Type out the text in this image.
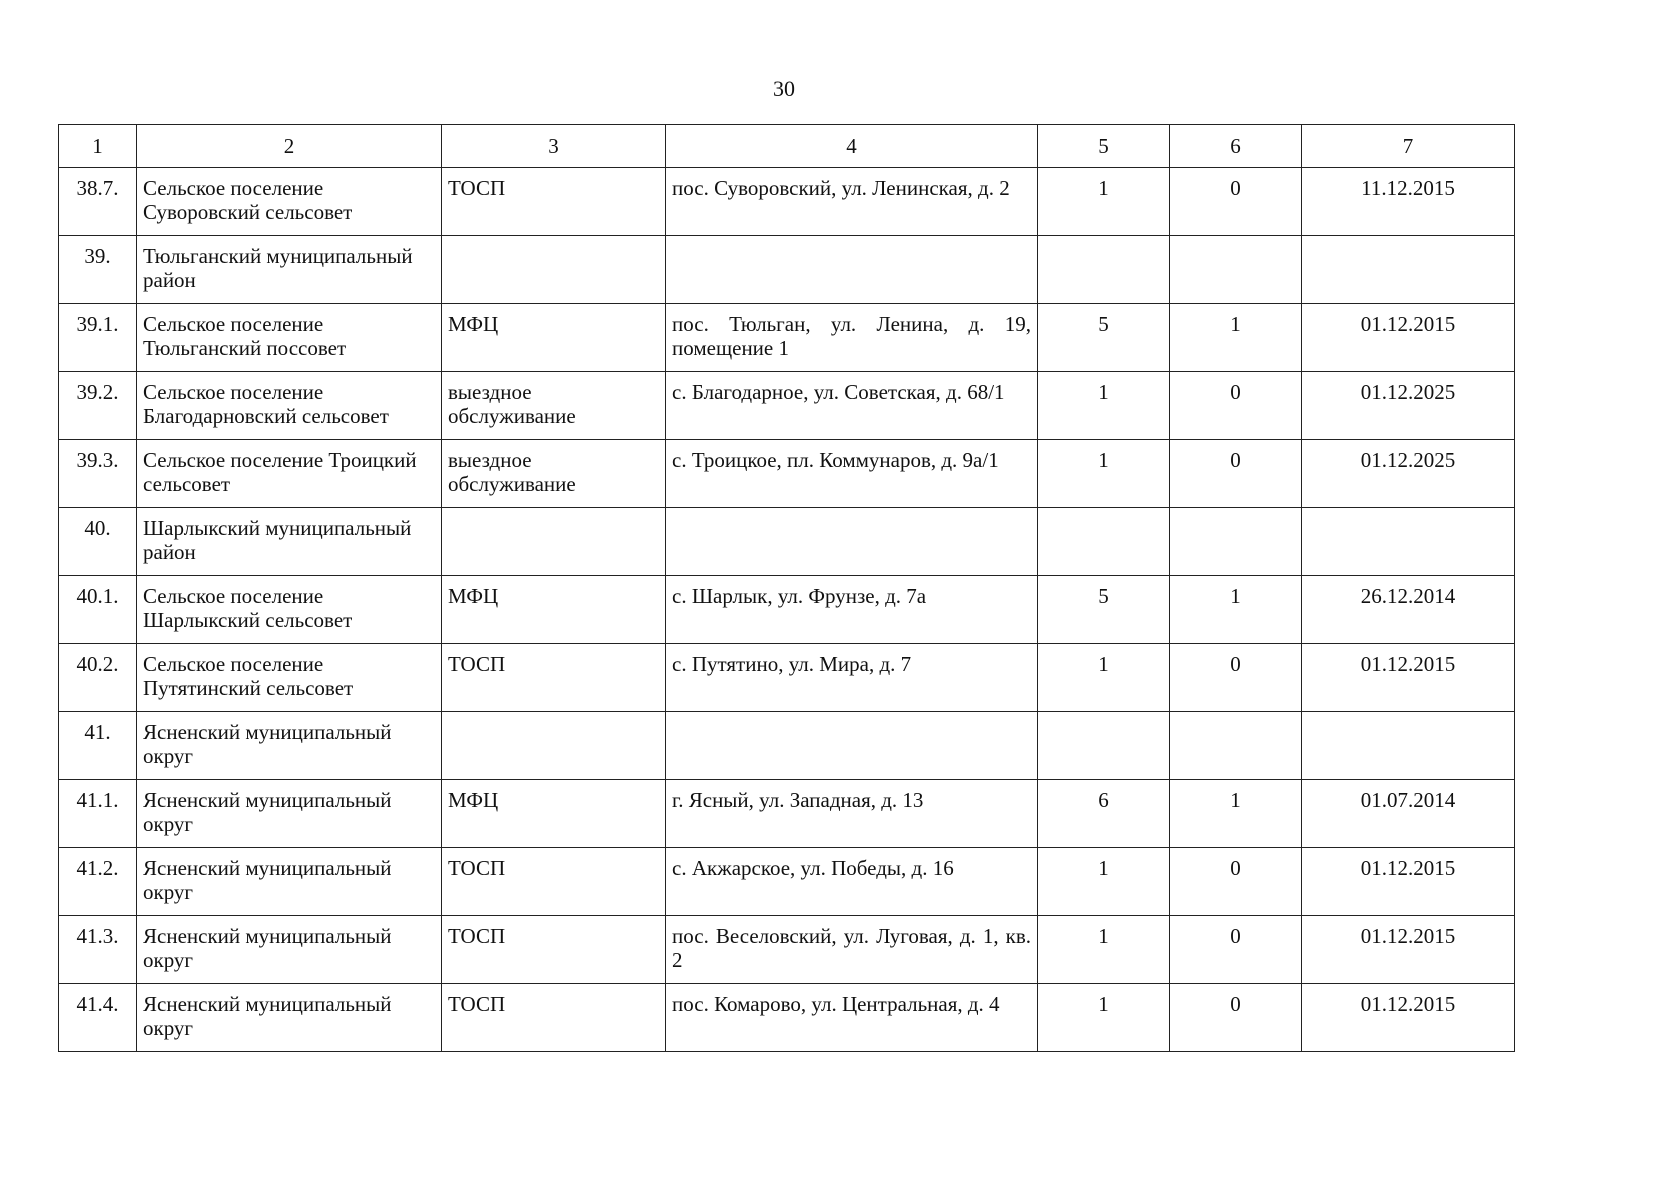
30
1	2	3	4	5	6	7
38.7.	Сельское поселение Суворовский сельсовет	ТОСП	пос. Суворовский, ул. Ленинская, д. 2	1	0	11.12.2015
39.	Тюльганский муниципальный район					
39.1.	Сельское поселение Тюльганский поссовет	МФЦ	пос. Тюльган, ул. Ленина, д. 19, помещение 1	5	1	01.12.2015
39.2.	Сельское поселение Благодарновский сельсовет	выездное обслуживание	с. Благодарное, ул. Советская, д. 68/1	1	0	01.12.2025
39.3.	Сельское поселение Троицкий сельсовет	выездное обслуживание	с. Троицкое, пл. Коммунаров, д. 9а/1	1	0	01.12.2025
40.	Шарлыкский муниципальный район					
40.1.	Сельское поселение Шарлыкский сельсовет	МФЦ	с. Шарлык, ул. Фрунзе, д. 7а	5	1	26.12.2014
40.2.	Сельское поселение Путятинский сельсовет	ТОСП	с. Путятино, ул. Мира, д. 7	1	0	01.12.2015
41.	Ясненский муниципальный округ					
41.1.	Ясненский муниципальный округ	МФЦ	г. Ясный, ул. Западная, д. 13	6	1	01.07.2014
41.2.	Ясненский муниципальный округ	ТОСП	с. Акжарское, ул. Победы, д. 16	1	0	01.12.2015
41.3.	Ясненский муниципальный округ	ТОСП	пос. Веселовский, ул. Луговая, д. 1, кв. 2	1	0	01.12.2015
41.4.	Ясненский муниципальный округ	ТОСП	пос. Комарово, ул. Центральная, д. 4	1	0	01.12.2015
